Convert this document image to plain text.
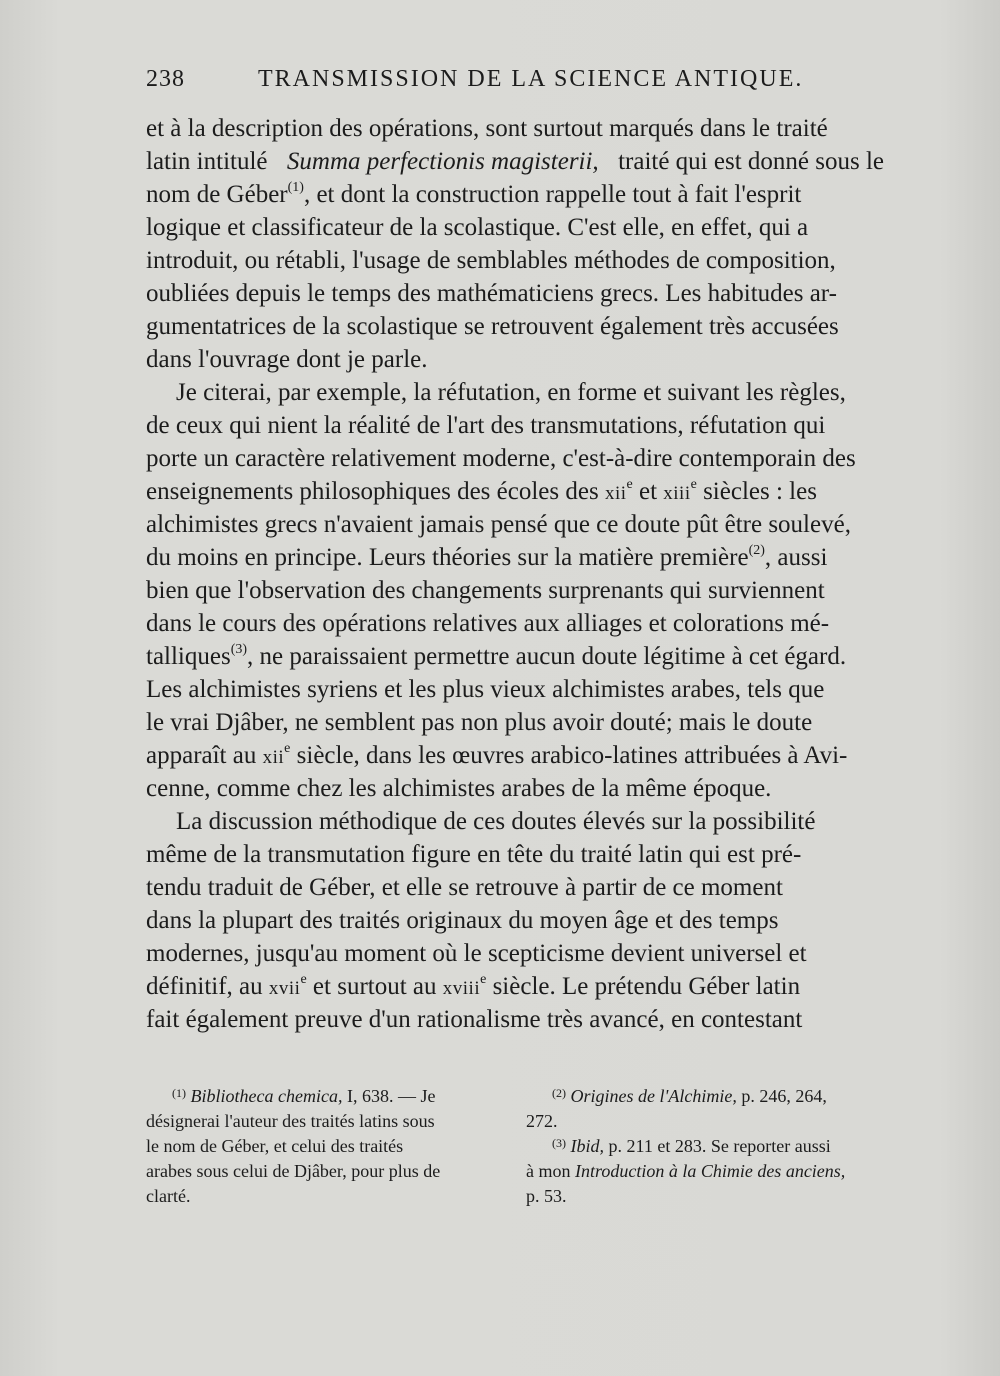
238	TRANSMISSION DE LA SCIENCE ANTIQUE.
et à la description des opérations, sont surtout marqués dans le traité
latin intitulé Summa perfectionis magisterii, traité qui est donné sous le
nom de Géber$^{(1)}$, et dont la construction rappelle tout à fait l'esprit
logique et classificateur de la scolastique. C'est elle, en effet, qui a
introduit, ou rétabli, l'usage de semblables méthodes de composition,
oubliées depuis le temps des mathématiciens grecs. Les habitudes ar-
gumentatrices de la scolastique se retrouvent également très accusées
dans l'ouvrage dont je parle.
Je citerai, par exemple, la réfutation, en forme et suivant les règles,
de ceux qui nient la réalité de l'art des transmutations, réfutation qui
porte un caractère relativement moderne, c'est-à-dire contemporain des
enseignements philosophiques des écoles des xii$^e$ et xiii$^e$ siècles : les
alchimistes grecs n'avaient jamais pensé que ce doute pût être soulevé,
du moins en principe. Leurs théories sur la matière première$^{(2)}$, aussi
bien que l'observation des changements surprenants qui surviennent
dans le cours des opérations relatives aux alliages et colorations mé-
talliques$^{(3)}$, ne paraissaient permettre aucun doute légitime à cet égard.
Les alchimistes syriens et les plus vieux alchimistes arabes, tels que
le vrai Djâber, ne semblent pas non plus avoir douté; mais le doute
apparaît au xii$^e$ siècle, dans les œuvres arabico-latines attribuées à Avi-
cenne, comme chez les alchimistes arabes de la même époque.
La discussion méthodique de ces doutes élevés sur la possibilité
même de la transmutation figure en tête du traité latin qui est pré-
tendu traduit de Géber, et elle se retrouve à partir de ce moment
dans la plupart des traités originaux du moyen âge et des temps
modernes, jusqu'au moment où le scepticisme devient universel et
définitif, au xvii$^e$ et surtout au xviii$^e$ siècle. Le prétendu Géber latin
fait également preuve d'un rationalisme très avancé, en contestant
$^{(1)}$ Bibliotheca chemica, I, 638. — Je
désignerai l'auteur des traités latins sous
le nom de Géber, et celui des traités
arabes sous celui de Djâber, pour plus de
clarté.
$^{(2)}$ Origines de l'Alchimie, p. 246, 264,
272.
$^{(3)}$ Ibid, p. 211 et 283. Se reporter aussi
à mon Introduction à la Chimie des anciens,
p. 53.
